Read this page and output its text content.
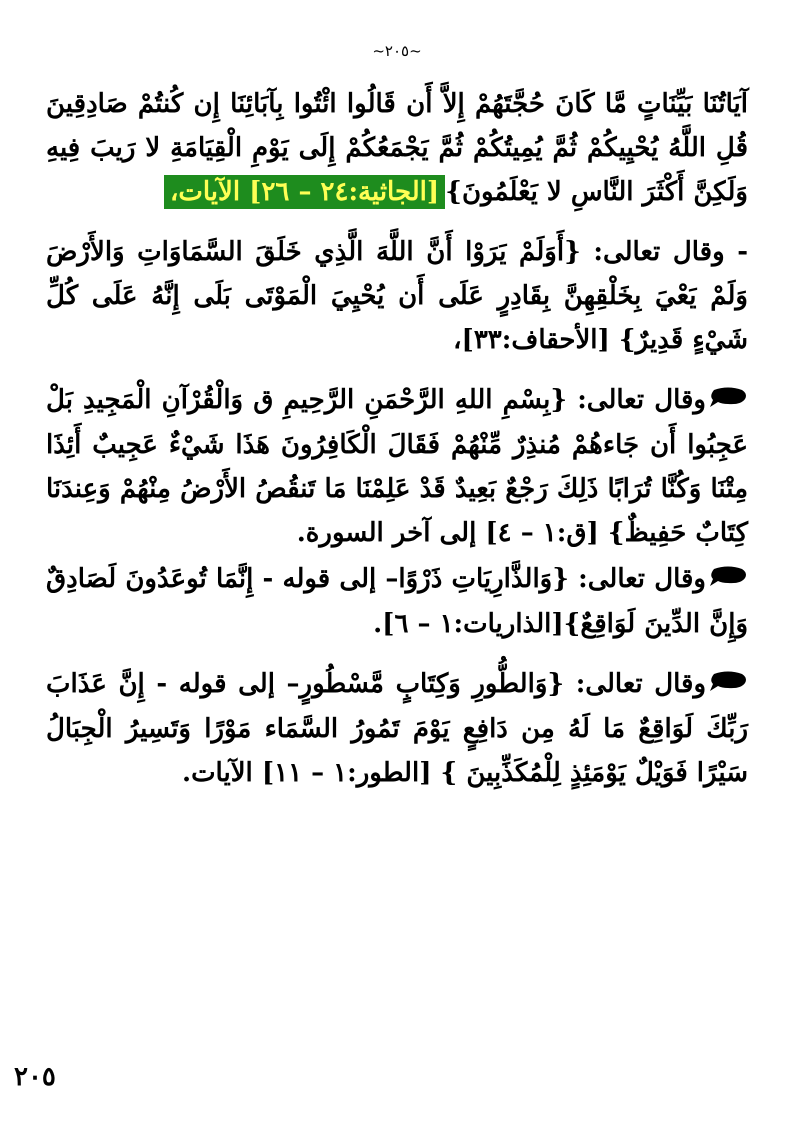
~٢٠٥~

آيَاتُنَا بَيِّنَاتٍ مَّا كَانَ حُجَّتَهُمْ إِلاَّ أَن قَالُوا ائْتُوا بِآبَائِنَا إِن كُنتُمْ صَادِقِينَ قُلِ اللَّهُ يُحْيِيكُمْ ثُمَّ يُمِيتُكُمْ ثُمَّ يَجْمَعُكُمْ إِلَى يَوْمِ الْقِيَامَةِ لا رَيبَ فِيهِ وَلَكِنَّ أَكْثَرَ النَّاسِ لا يَعْلَمُونَ}[الجاثية:٢٤ – ٢٦] الآيات،

- وقال تعالى: {أَوَلَمْ يَرَوْا أَنَّ اللَّهَ الَّذِي خَلَقَ السَّمَاوَاتِ وَالأَرْضَ وَلَمْ يَعْيَ بِخَلْقِهِنَّ بِقَادِرٍ عَلَى أَن يُحْيِيَ الْمَوْتَى بَلَى إِنَّهُ عَلَى كُلِّ شَيْءٍ قَدِيرٌ} [الأحقاف:٣٣]،

وقال تعالى: {بِسْمِ اللهِ الرَّحْمَنِ الرَّحِيمِ ق وَالْقُرْآنِ الْمَجِيدِ بَلْ عَجِبُوا أَن جَاءهُمْ مُنذِرٌ مِّنْهُمْ فَقَالَ الْكَافِرُونَ هَذَا شَيْءٌ عَجِيبٌ أَئِذَا مِتْنَا وَكُنَّا تُرَابًا ذَلِكَ رَجْعٌ بَعِيدٌ قَدْ عَلِمْنَا مَا تَنقُصُ الأَرْضُ مِنْهُمْ وَعِندَنَا كِتَابٌ حَفِيظٌ} [ق:١ – ٤] إلى آخر السورة.

وقال تعالى: {وَالذَّارِيَاتِ ذَرْوًا– إلى قوله - إِنَّمَا تُوعَدُونَ لَصَادِقٌ وَإِنَّ الدِّينَ لَوَاقِعٌ}[الذاريات:١ – ٦].

وقال تعالى: {وَالطُّورِ وَكِتَابٍ مَّسْطُورٍ– إلى قوله - إِنَّ عَذَابَ رَبِّكَ لَوَاقِعٌ مَا لَهُ مِن دَافِعٍ يَوْمَ تَمُورُ السَّمَاء مَوْرًا وَتَسِيرُ الْجِبَالُ سَيْرًا فَوَيْلٌ يَوْمَئِذٍ لِلْمُكَذِّبِينَ } [الطور:١ – ١١] الآيات.

٢٠٥
